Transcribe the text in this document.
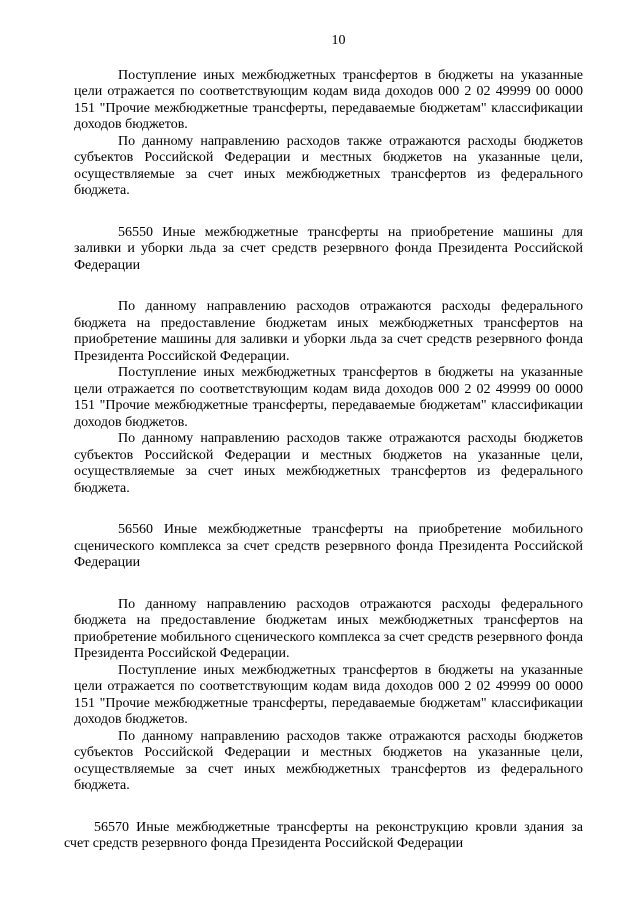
10

Поступление иных межбюджетных трансфертов в бюджеты на указанные цели отражается по соответствующим кодам вида доходов 000 2 02 49999 00 0000 151 "Прочие межбюджетные трансферты, передаваемые бюджетам" классификации доходов бюджетов.

По данному направлению расходов также отражаются расходы бюджетов субъектов Российской Федерации и местных бюджетов на указанные цели, осуществляемые за счет иных межбюджетных трансфертов из федерального бюджета.

56550 Иные межбюджетные трансферты на приобретение машины для заливки и уборки льда за счет средств резервного фонда Президента Российской Федерации

По данному направлению расходов отражаются расходы федерального бюджета на предоставление бюджетам иных межбюджетных трансфертов на приобретение машины для заливки и уборки льда за счет средств резервного фонда Президента Российской Федерации.

Поступление иных межбюджетных трансфертов в бюджеты на указанные цели отражается по соответствующим кодам вида доходов 000 2 02 49999 00 0000 151 "Прочие межбюджетные трансферты, передаваемые бюджетам" классификации доходов бюджетов.

По данному направлению расходов также отражаются расходы бюджетов субъектов Российской Федерации и местных бюджетов на указанные цели, осуществляемые за счет иных межбюджетных трансфертов из федерального бюджета.

56560 Иные межбюджетные трансферты на приобретение мобильного сценического комплекса за счет средств резервного фонда Президента Российской Федерации

По данному направлению расходов отражаются расходы федерального бюджета на предоставление бюджетам иных межбюджетных трансфертов на приобретение мобильного сценического комплекса за счет средств резервного фонда Президента Российской Федерации.

Поступление иных межбюджетных трансфертов в бюджеты на указанные цели отражается по соответствующим кодам вида доходов 000 2 02 49999 00 0000 151 "Прочие межбюджетные трансферты, передаваемые бюджетам" классификации доходов бюджетов.

По данному направлению расходов также отражаются расходы бюджетов субъектов Российской Федерации и местных бюджетов на указанные цели, осуществляемые за счет иных межбюджетных трансфертов из федерального бюджета.

56570 Иные межбюджетные трансферты на реконструкцию кровли здания за счет средств резервного фонда Президента Российской Федерации
